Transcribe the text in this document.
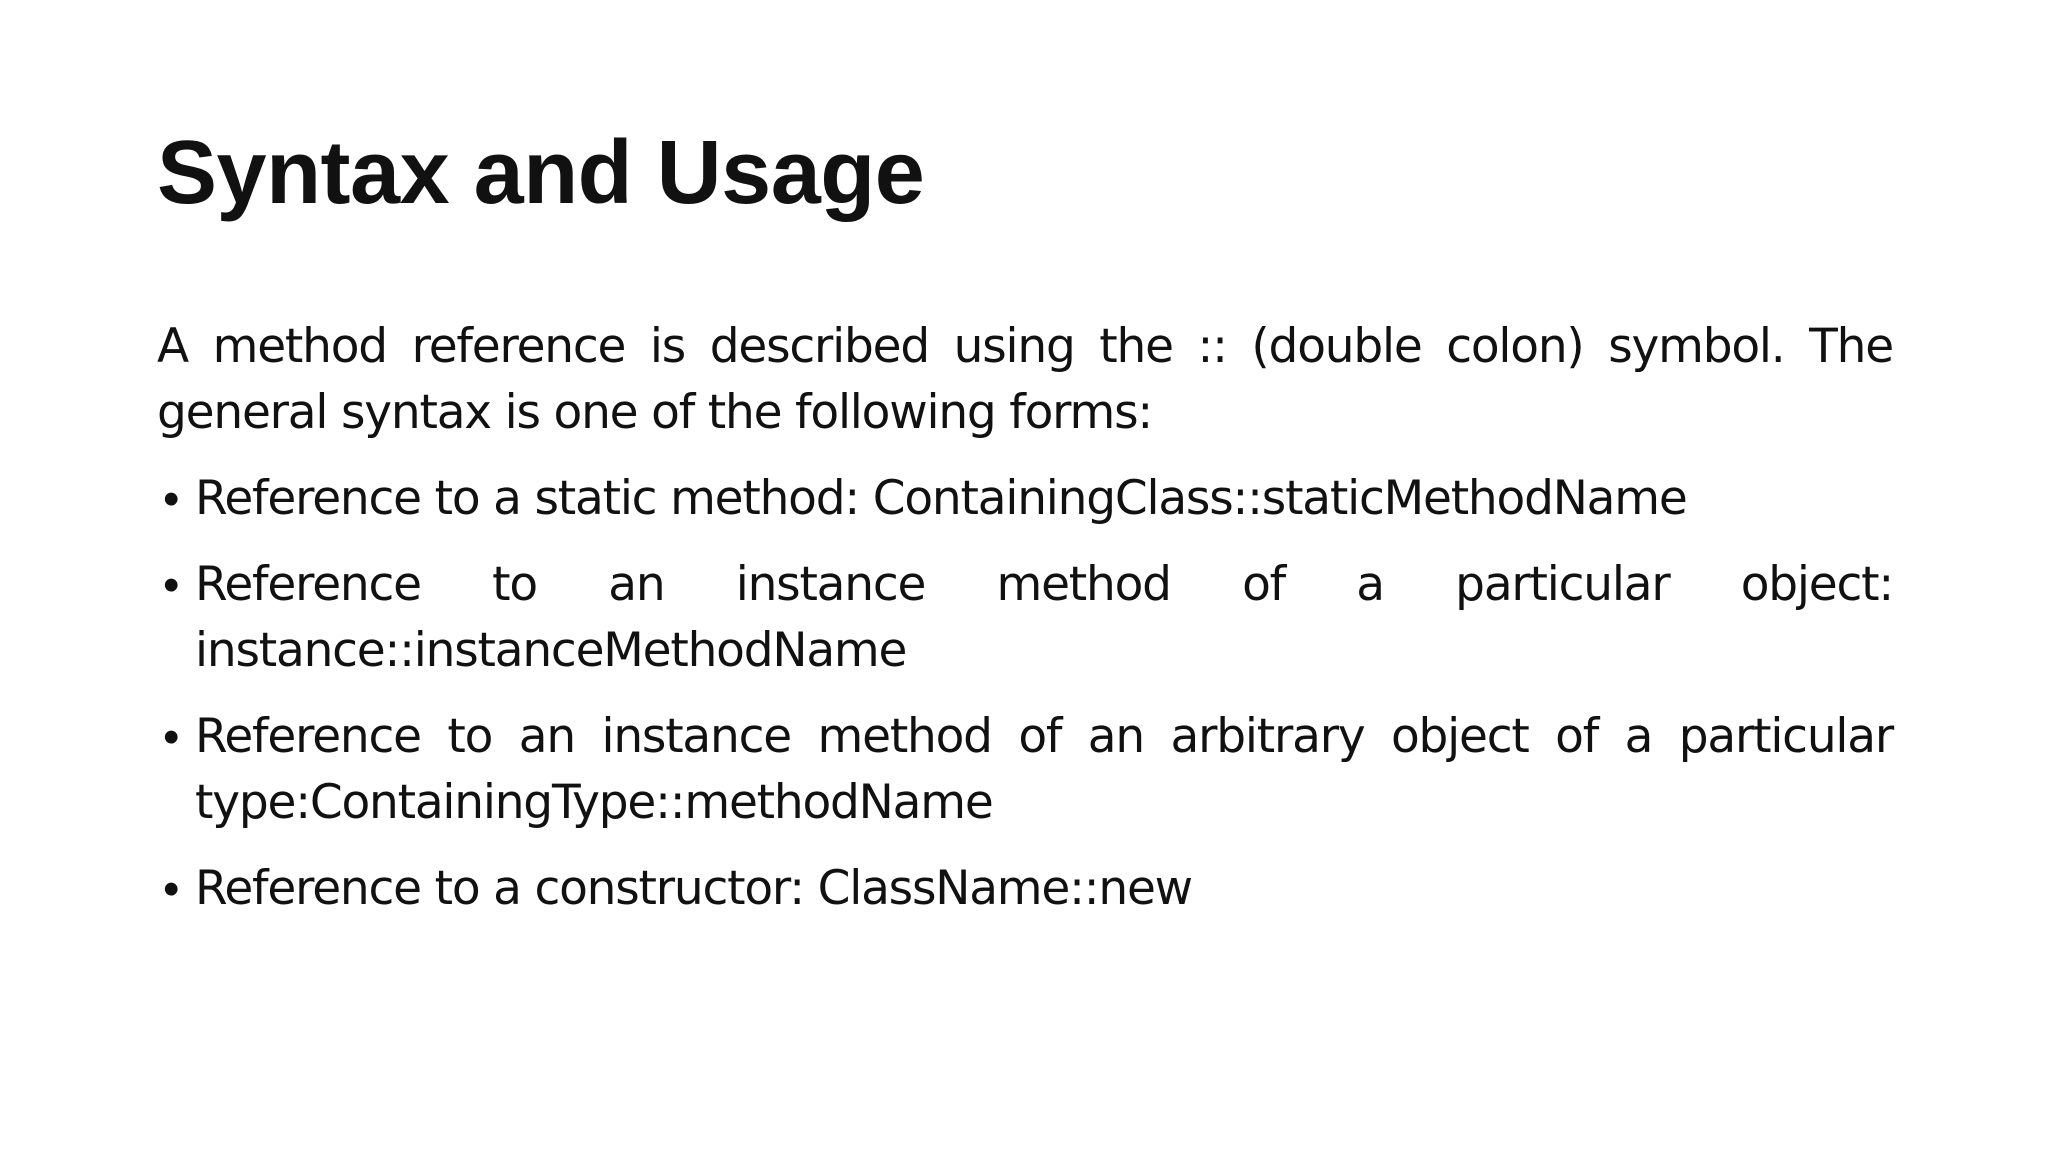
Syntax and Usage

A method reference is described using the :: (double colon) symbol. The general syntax is one of the following forms:

• Reference to a static method: ContainingClass::staticMethodName
• Reference to an instance method of a particular object: instance::instanceMethodName
• Reference to an instance method of an arbitrary object of a particular type:ContainingType::methodName
• Reference to a constructor: ClassName::new
